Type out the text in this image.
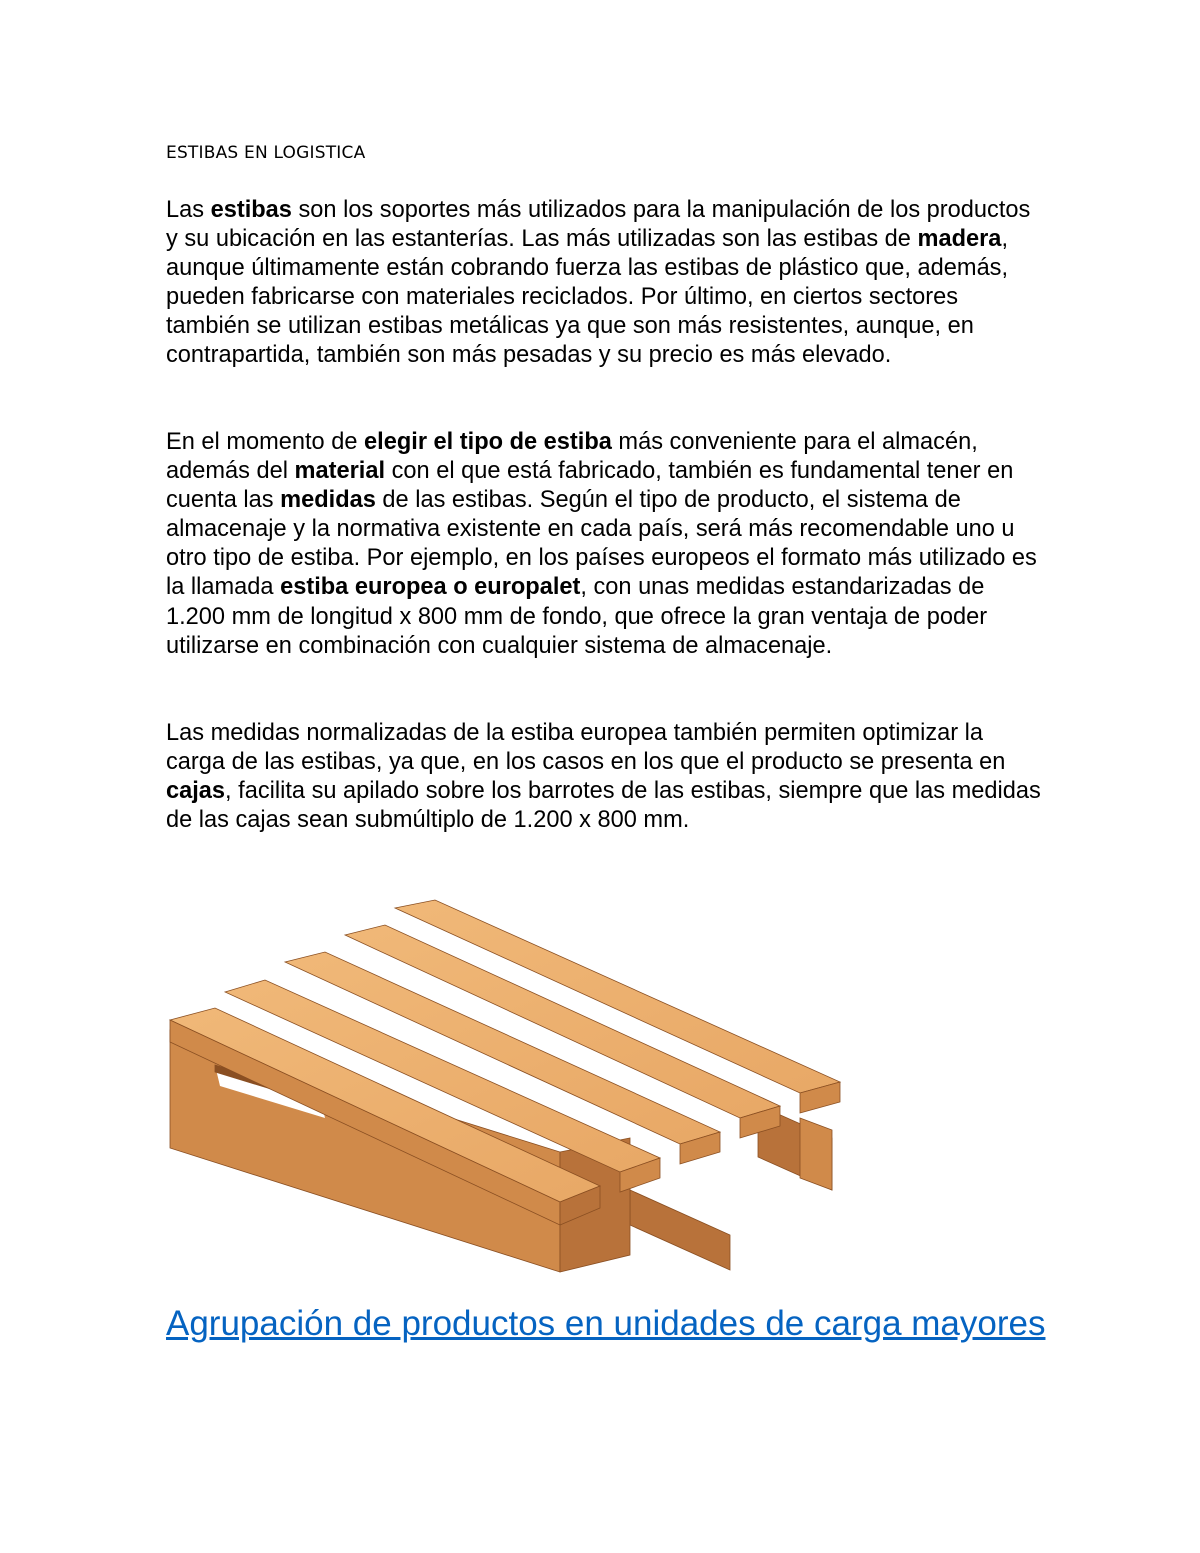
ESTIBAS EN LOGISTICA

Las estibas son los soportes más utilizados para la manipulación de los productos y su ubicación en las estanterías. Las más utilizadas son las estibas de madera, aunque últimamente están cobrando fuerza las estibas de plástico que, además, pueden fabricarse con materiales reciclados. Por último, en ciertos sectores también se utilizan estibas metálicas ya que son más resistentes, aunque, en contrapartida, también son más pesadas y su precio es más elevado.

En el momento de elegir el tipo de estiba más conveniente para el almacén, además del material con el que está fabricado, también es fundamental tener en cuenta las medidas de las estibas. Según el tipo de producto, el sistema de almacenaje y la normativa existente en cada país, será más recomendable uno u otro tipo de estiba. Por ejemplo, en los países europeos el formato más utilizado es la llamada estiba europea o europalet, con unas medidas estandarizadas de 1.200 mm de longitud x 800 mm de fondo, que ofrece la gran ventaja de poder utilizarse en combinación con cualquier sistema de almacenaje.

Las medidas normalizadas de la estiba europea también permiten optimizar la carga de las estibas, ya que, en los casos en los que el producto se presenta en cajas, facilita su apilado sobre los barrotes de las estibas, siempre que las medidas de las cajas sean submúltiplo de 1.200 x 800 mm.

Agrupación de productos en unidades de carga mayores
